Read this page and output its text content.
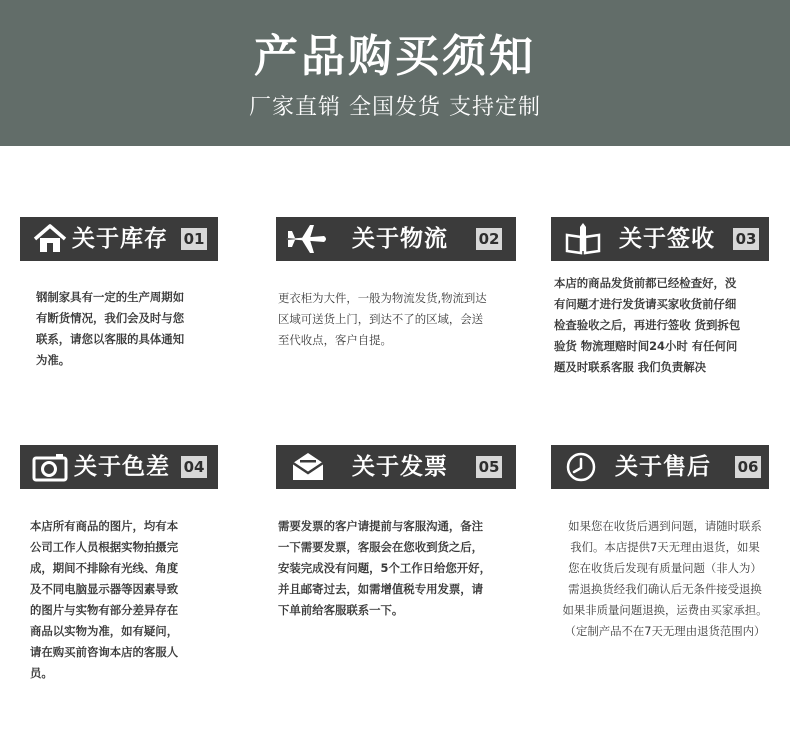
产品购买须知
厂家直销 全国发货 支持定制
关于库存 01
钢制家具有一定的生产周期如
有断货情况，我们会及时与您
联系，请您以客服的具体通知
为准。
关于物流 02
更衣柜为大件，一般为物流发货,物流到达
区域可送货上门，到达不了的区域，会送
至代收点，客户自提。
关于签收 03
本店的商品发货前都已经检查好，没
有问题才进行发货请买家收货前仔细
检查验收之后，再进行签收 货到拆包
验货 物流理赔时间24小时 有任何问
题及时联系客服 我们负责解决
关于色差 04
本店所有商品的图片，均有本
公司工作人员根据实物拍摄完
成，期间不排除有光线、角度
及不同电脑显示器等因素导致
的图片与实物有部分差异存在
商品以实物为准，如有疑问，
请在购买前咨询本店的客服人
员。
关于发票 05
需要发票的客户请提前与客服沟通，备注
一下需要发票，客服会在您收到货之后，
安装完成没有问题，5个工作日给您开好，
并且邮寄过去，如需增值税专用发票，请
下单前给客服联系一下。
关于售后 06
如果您在收货后遇到问题，请随时联系
我们。本店提供7天无理由退货，如果
您在收货后发现有质量问题（非人为）
需退换货经我们确认后无条件接受退换
如果非质量问题退换，运费由买家承担。
（定制产品不在7天无理由退货范围内）
